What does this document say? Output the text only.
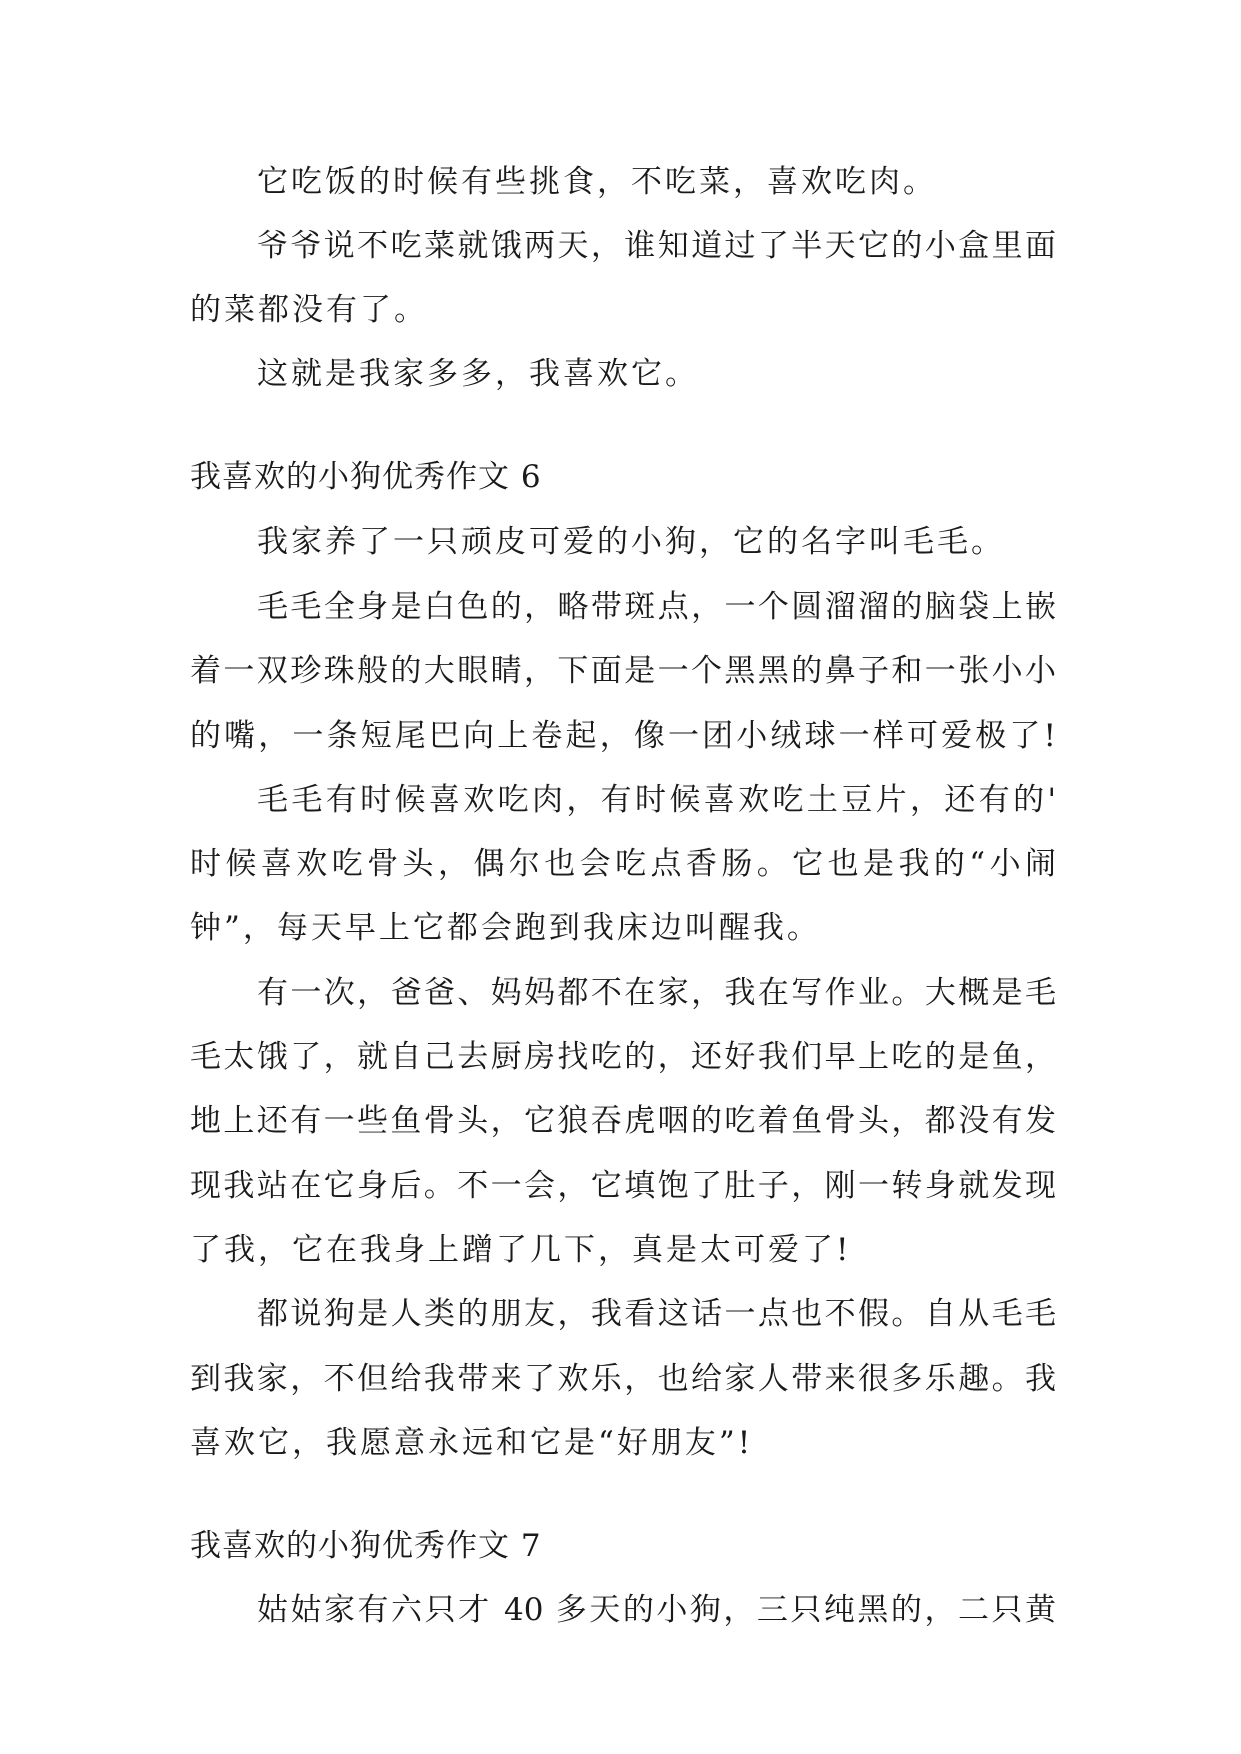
它吃饭的时候有些挑食，不吃菜，喜欢吃肉。
爷爷说不吃菜就饿两天，谁知道过了半天它的小盒里面
的菜都没有了。
这就是我家多多，我喜欢它。
我喜欢的小狗优秀作文 6
我家养了一只顽皮可爱的小狗，它的名字叫毛毛。
毛毛全身是白色的，略带斑点，一个圆溜溜的脑袋上嵌
着一双珍珠般的大眼睛，下面是一个黑黑的鼻子和一张小小
的嘴，一条短尾巴向上卷起，像一团小绒球一样可爱极了!
毛毛有时候喜欢吃肉，有时候喜欢吃土豆片，还有的'
时候喜欢吃骨头，偶尔也会吃点香肠。它也是我的“小闹
钟”，每天早上它都会跑到我床边叫醒我。
有一次，爸爸、妈妈都不在家，我在写作业。大概是毛
毛太饿了，就自己去厨房找吃的，还好我们早上吃的是鱼，
地上还有一些鱼骨头，它狼吞虎咽的吃着鱼骨头，都没有发
现我站在它身后。不一会，它填饱了肚子，刚一转身就发现
了我，它在我身上蹭了几下，真是太可爱了!
都说狗是人类的朋友，我看这话一点也不假。自从毛毛
到我家，不但给我带来了欢乐，也给家人带来很多乐趣。我
喜欢它，我愿意永远和它是“好朋友”!
我喜欢的小狗优秀作文 7
姑姑家有六只才 40 多天的小狗，三只纯黑的，二只黄
